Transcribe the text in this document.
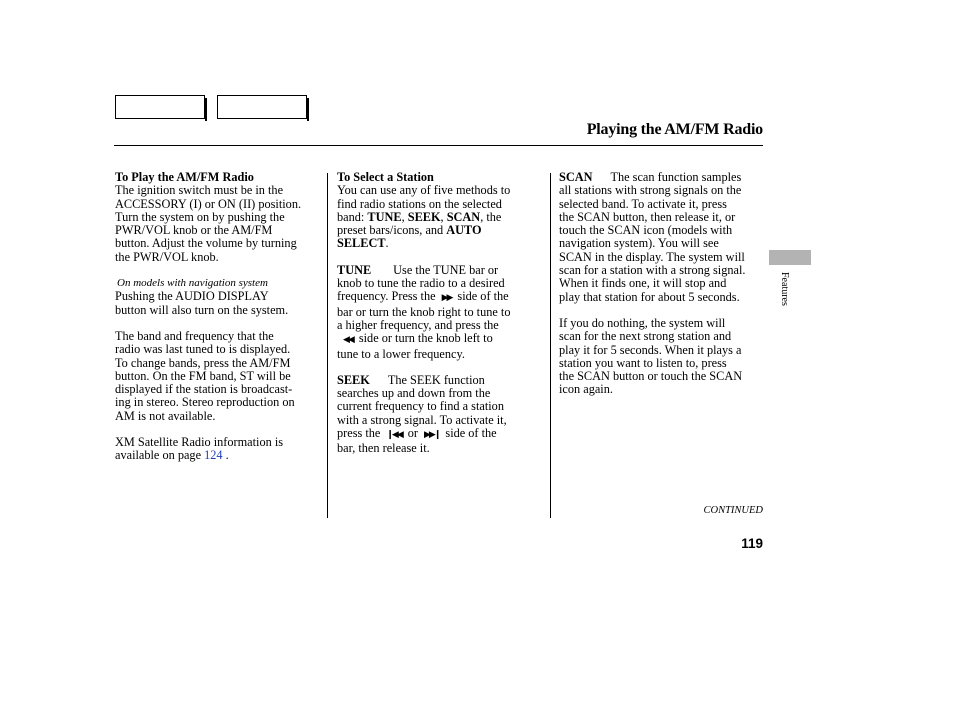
Playing the AM/FM Radio
Features

To Play the AM/FM Radio

The ignition switch must be in the

ACCESSORY (I) or ON (II) position.

Turn the system on by pushing the

PWR/VOL knob or the AM/FM

button. Adjust the volume by turning

the PWR/VOL knob.

On models with navigation system

Pushing the AUDIO DISPLAY

button will also turn on the system.

The band and frequency that the

radio was last tuned to is displayed.

To change bands, press the AM/FM

button. On the FM band, ST will be

displayed if the station is broadcast-

ing in stereo. Stereo reproduction on

AM is not available.

XM Satellite Radio information is

available on page 124 .

To Select a Station

You can use any of five methods to

find radio stations on the selected

band: TUNE, SEEK, SCAN, the

preset bars/icons, and AUTO

SELECT.

TUNE Use the TUNE bar or

knob to tune the radio to a desired

frequency. Press the ▶▶ side of the

bar or turn the knob right to tune to

a higher frequency, and press the

◀◀ side or turn the knob left to

tune to a lower frequency.

SEEK The SEEK function

searches up and down from the

current frequency to find a station

with a strong signal. To activate it,

press the ❙◀◀ or ▶▶❙ side of the

bar, then release it.

SCAN The scan function samples

all stations with strong signals on the

selected band. To activate it, press

the SCAN button, then release it, or

touch the SCAN icon (models with

navigation system). You will see

SCAN in the display. The system will

scan for a station with a strong signal.

When it finds one, it will stop and

play that station for about 5 seconds.

If you do nothing, the system will

scan for the next strong station and

play it for 5 seconds. When it plays a

station you want to listen to, press

the SCAN button or touch the SCAN

icon again.

CONTINUED
119
